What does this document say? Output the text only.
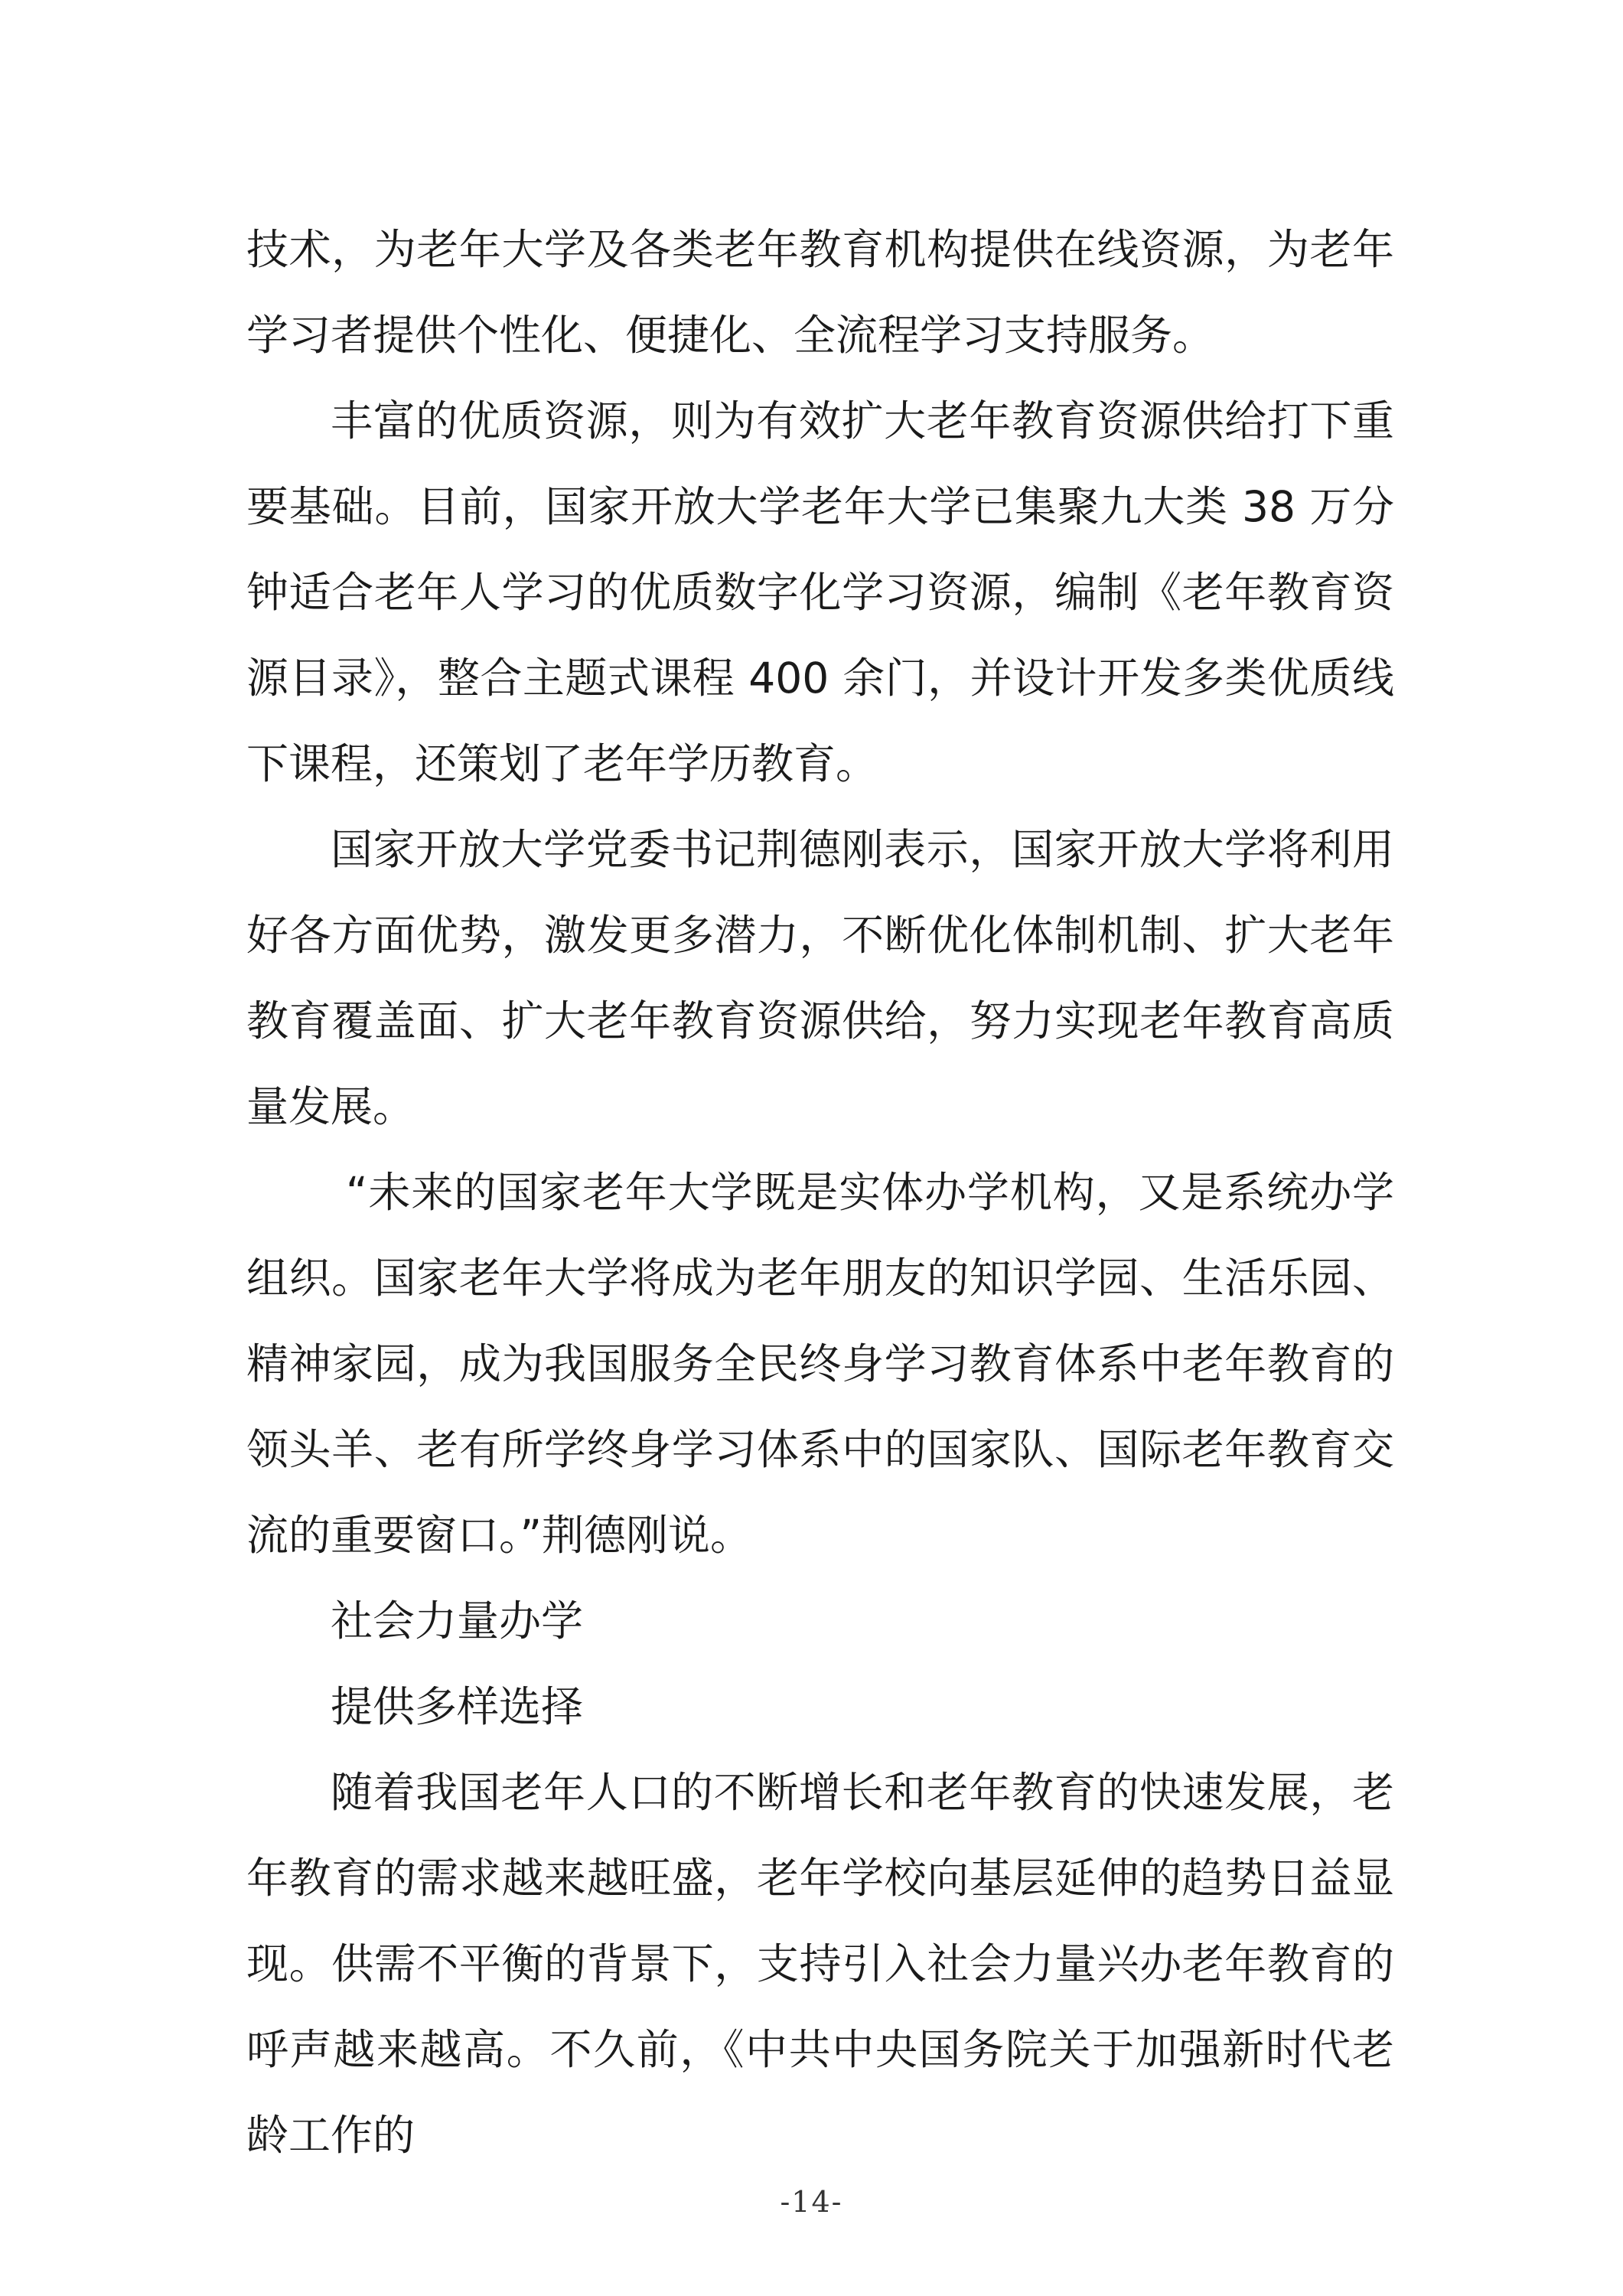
技术，为老年大学及各类老年教育机构提供在线资源，为老年学习者提供个性化、便捷化、全流程学习支持服务。

丰富的优质资源，则为有效扩大老年教育资源供给打下重要基础。目前，国家开放大学老年大学已集聚九大类 38 万分钟适合老年人学习的优质数字化学习资源，编制《老年教育资源目录》，整合主题式课程 400 余门，并设计开发多类优质线下课程，还策划了老年学历教育。

国家开放大学党委书记荆德刚表示，国家开放大学将利用好各方面优势，激发更多潜力，不断优化体制机制、扩大老年教育覆盖面、扩大老年教育资源供给，努力实现老年教育高质量发展。

“未来的国家老年大学既是实体办学机构，又是系统办学组织。国家老年大学将成为老年朋友的知识学园、生活乐园、精神家园，成为我国服务全民终身学习教育体系中老年教育的领头羊、老有所学终身学习体系中的国家队、国际老年教育交流的重要窗口。”荆德刚说。

社会力量办学

提供多样选择

随着我国老年人口的不断增长和老年教育的快速发展，老年教育的需求越来越旺盛，老年学校向基层延伸的趋势日益显现。供需不平衡的背景下，支持引入社会力量兴办老年教育的呼声越来越高。不久前，《中共中央国务院关于加强新时代老龄工作的

-14-
